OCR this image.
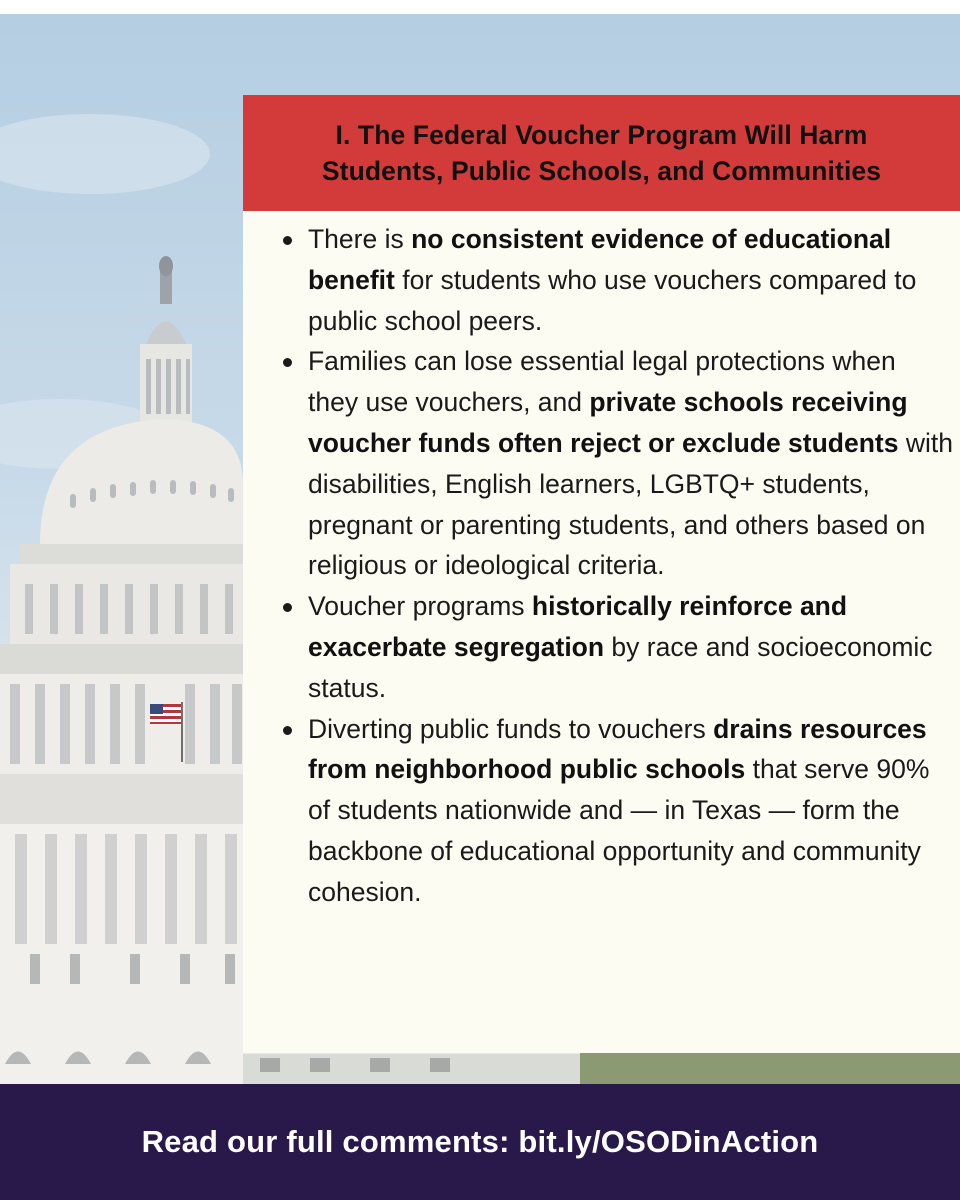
I. The Federal Voucher Program Will Harm
Students, Public Schools, and Communities
There is no consistent evidence of educational benefit for students who use vouchers compared to public school peers.
Families can lose essential legal protections when they use vouchers, and private schools receiving voucher funds often reject or exclude students with disabilities, English learners, LGBTQ+ students, pregnant or parenting students, and others based on religious or ideological criteria.
Voucher programs historically reinforce and exacerbate segregation by race and socioeconomic status.
Diverting public funds to vouchers drains resources from neighborhood public schools that serve 90% of students nationwide and — in Texas — form the backbone of educational opportunity and community cohesion.

Read our full comments: bit.ly/OSODinAction
